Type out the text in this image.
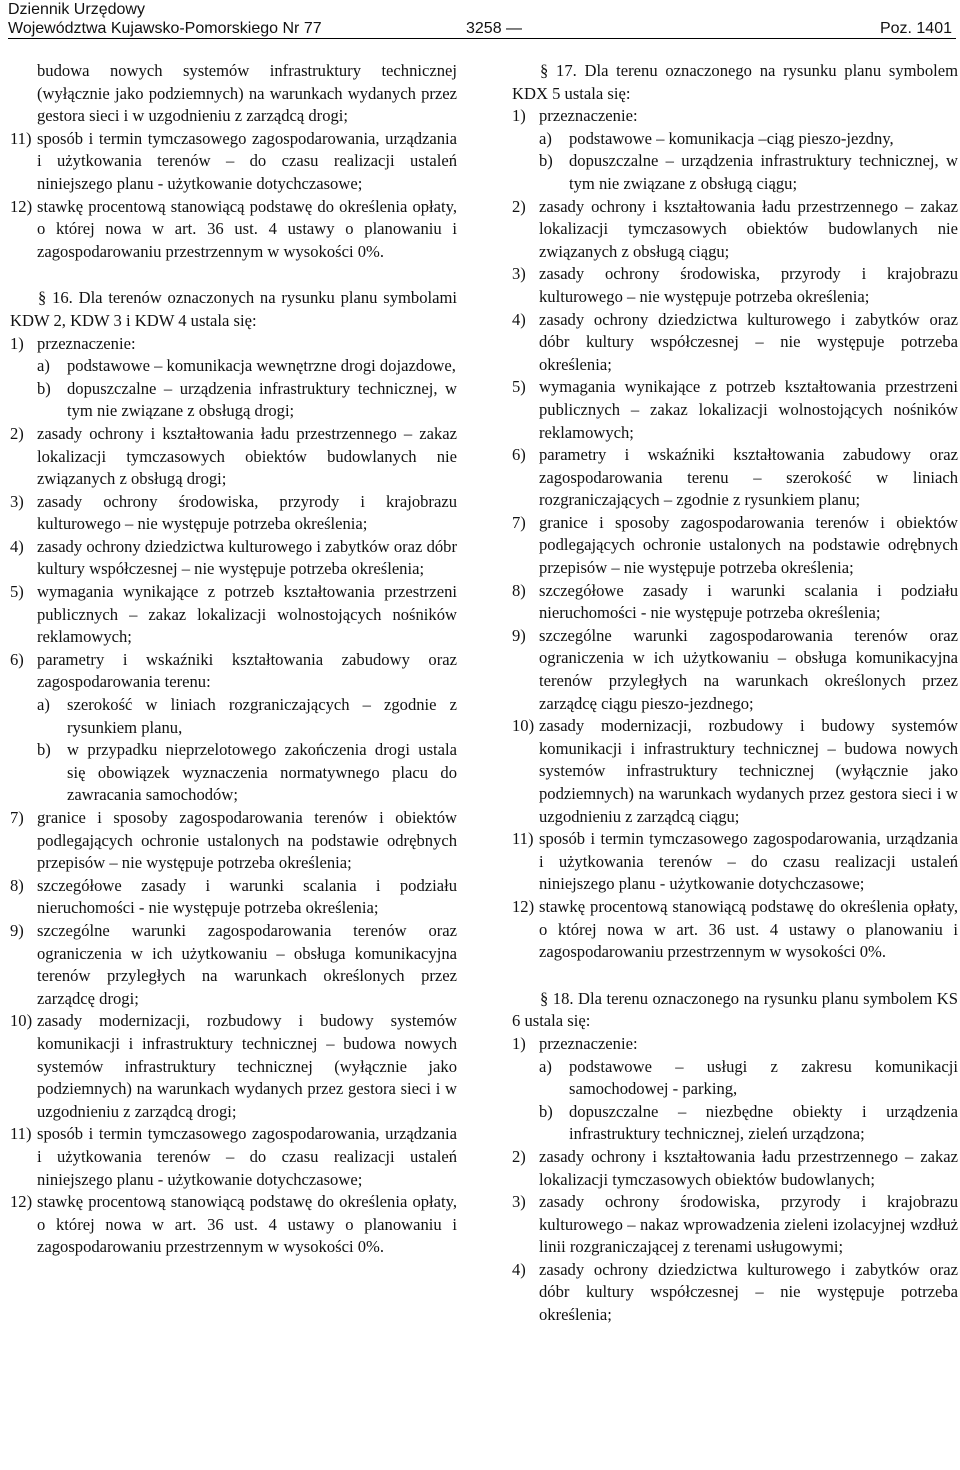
Dziennik Urzędowy
Województwa Kujawsko-Pomorskiego Nr 77	3258 —	Poz. 1401

budowa nowych systemów infrastruktury technicznej (wyłącznie jako podziemnych) na warunkach wydanych przez gestora sieci i w uzgodnieniu z zarządcą drogi;

11) sposób i termin tymczasowego zagospodarowania, urządzania i użytkowania terenów – do czasu realizacji ustaleń niniejszego planu - użytkowanie dotychczasowe;
12) stawkę procentową stanowiącą podstawę do określenia opłaty, o której nowa w art. 36 ust. 4 ustawy o planowaniu i zagospodarowaniu przestrzennym w wysokości 0%.

§ 16. Dla terenów oznaczonych na rysunku planu symbolami KDW 2, KDW 3 i KDW 4 ustala się:

1) przeznaczenie:
a)	podstawowe – komunikacja wewnętrzne drogi dojazdowe,
b) dopuszczalne – urządzenia infrastruktury technicznej, w tym nie związane z obsługą drogi;
2) zasady ochrony i kształtowania ładu przestrzennego – zakaz lokalizacji tymczasowych obiektów budowlanych nie związanych z obsługą drogi;
3) zasady ochrony środowiska, przyrody i krajobrazu kulturowego – nie występuje potrzeba określenia;
4) zasady ochrony dziedzictwa kulturowego i zabytków oraz dóbr kultury współczesnej – nie występuje potrzeba określenia;
5) wymagania wynikające z potrzeb kształtowania przestrzeni publicznych – zakaz lokalizacji wolnostojących nośników reklamowych;
6) parametry i wskaźniki kształtowania zabudowy oraz zagospodarowania terenu:
a)	szerokość w liniach rozgraniczających – zgodnie z rysunkiem planu,
b) w przypadku nieprzelotowego zakończenia drogi ustala się obowiązek wyznaczenia normatywnego placu do zawracania samochodów;
7) granice i sposoby zagospodarowania terenów i obiektów podlegających ochronie ustalonych na podstawie odrębnych przepisów – nie występuje potrzeba określenia;
8) szczegółowe zasady i warunki scalania i podziału nieruchomości - nie występuje potrzeba określenia;
9) szczególne warunki zagospodarowania terenów oraz ograniczenia w ich użytkowaniu – obsługa komunikacyjna terenów przyległych na warunkach określonych przez zarządcę drogi;
10) zasady modernizacji, rozbudowy i budowy systemów komunikacji i infrastruktury technicznej – budowa nowych systemów infrastruktury technicznej (wyłącznie jako podziemnych) na warunkach wydanych przez gestora sieci i w uzgodnieniu z zarządcą drogi;
11) sposób i termin tymczasowego zagospodarowania, urządzania i użytkowania terenów – do czasu realizacji ustaleń niniejszego planu - użytkowanie dotychczasowe;
12) stawkę procentową stanowiącą podstawę do określenia opłaty, o której nowa w art. 36 ust. 4 ustawy o planowaniu i zagospodarowaniu przestrzennym w wysokości 0%.

§ 17. Dla terenu oznaczonego na rysunku planu symbolem KDX 5 ustala się:

1) przeznaczenie:
a)	podstawowe – komunikacja –ciąg pieszo-jezdny,
b) dopuszczalne – urządzenia infrastruktury technicznej, w tym nie związane z obsługą ciągu;
2) zasady ochrony i kształtowania ładu przestrzennego – zakaz lokalizacji tymczasowych obiektów budowlanych nie związanych z obsługą ciągu;
3) zasady ochrony środowiska, przyrody i krajobrazu kulturowego – nie występuje potrzeba określenia;
4) zasady ochrony dziedzictwa kulturowego i zabytków oraz dóbr kultury współczesnej – nie występuje potrzeba określenia;
5) wymagania wynikające z potrzeb kształtowania przestrzeni publicznych – zakaz lokalizacji wolnostojących nośników reklamowych;
6) parametry i wskaźniki kształtowania zabudowy oraz zagospodarowania terenu – szerokość w liniach rozgraniczających – zgodnie z rysunkiem planu;
7) granice i sposoby zagospodarowania terenów i obiektów podlegających ochronie ustalonych na podstawie odrębnych przepisów – nie występuje potrzeba określenia;
8) szczegółowe zasady i warunki scalania i podziału nieruchomości - nie występuje potrzeba określenia;
9) szczególne warunki zagospodarowania terenów oraz ograniczenia w ich użytkowaniu – obsługa komunikacyjna terenów przyległych na warunkach określonych przez zarządcę ciągu pieszo-jezdnego;
10) zasady modernizacji, rozbudowy i budowy systemów komunikacji i infrastruktury technicznej – budowa nowych systemów infrastruktury technicznej (wyłącznie jako podziemnych) na warunkach wydanych przez gestora sieci i w uzgodnieniu z zarządcą ciągu;
11) sposób i termin tymczasowego zagospodarowania, urządzania i użytkowania terenów – do czasu realizacji ustaleń niniejszego planu - użytkowanie dotychczasowe;
12) stawkę procentową stanowiącą podstawę do określenia opłaty, o której nowa w art. 36 ust. 4 ustawy o planowaniu i zagospodarowaniu przestrzennym w wysokości 0%.

§ 18. Dla terenu oznaczonego na rysunku planu symbolem KS 6 ustala się:

1) przeznaczenie:
a)	podstawowe – usługi z zakresu komunikacji samochodowej - parking,
b) dopuszczalne – niezbędne obiekty i urządzenia infrastruktury technicznej, zieleń urządzona;
2) zasady ochrony i kształtowania ładu przestrzennego – zakaz lokalizacji tymczasowych obiektów budowlanych;
3) zasady ochrony środowiska, przyrody i krajobrazu kulturowego – nakaz wprowadzenia zieleni izolacyjnej wzdłuż linii rozgraniczającej z terenami usługowymi;
4) zasady ochrony dziedzictwa kulturowego i zabytków oraz dóbr kultury współczesnej – nie występuje potrzeba określenia;
